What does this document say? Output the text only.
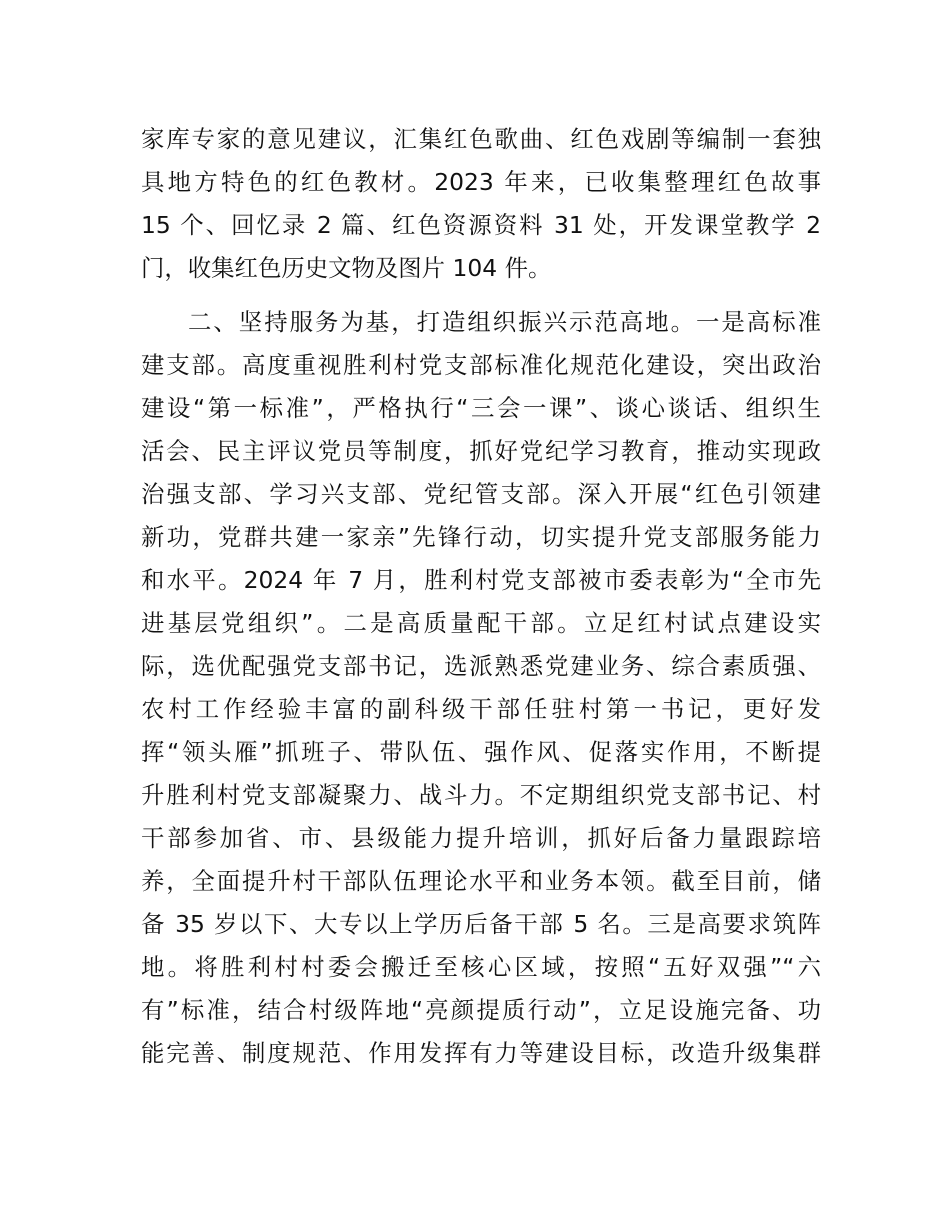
家库专家的意见建议，汇集红色歌曲、红色戏剧等编制一套独
具地方特色的红色教材。2023 年来，已收集整理红色故事
15 个、回忆录 2 篇、红色资源资料 31 处，开发课堂教学 2
门，收集红色历史文物及图片 104 件。
二、坚持服务为基，打造组织振兴示范高地。一是高标准
建支部。高度重视胜利村党支部标准化规范化建设，突出政治
建设“第一标准”，严格执行“三会一课”、谈心谈话、组织生
活会、民主评议党员等制度，抓好党纪学习教育，推动实现政
治强支部、学习兴支部、党纪管支部。深入开展“红色引领建
新功，党群共建一家亲”先锋行动，切实提升党支部服务能力
和水平。2024 年 7 月，胜利村党支部被市委表彰为“全市先
进基层党组织”。二是高质量配干部。立足红村试点建设实
际，选优配强党支部书记，选派熟悉党建业务、综合素质强、
农村工作经验丰富的副科级干部任驻村第一书记，更好发
挥“领头雁”抓班子、带队伍、强作风、促落实作用，不断提
升胜利村党支部凝聚力、战斗力。不定期组织党支部书记、村
干部参加省、市、县级能力提升培训，抓好后备力量跟踪培
养，全面提升村干部队伍理论水平和业务本领。截至目前，储
备 35 岁以下、大专以上学历后备干部 5 名。三是高要求筑阵
地。将胜利村村委会搬迁至核心区域，按照“五好双强”“六
有”标准，结合村级阵地“亮颜提质行动”，立足设施完备、功
能完善、制度规范、作用发挥有力等建设目标，改造升级集群
